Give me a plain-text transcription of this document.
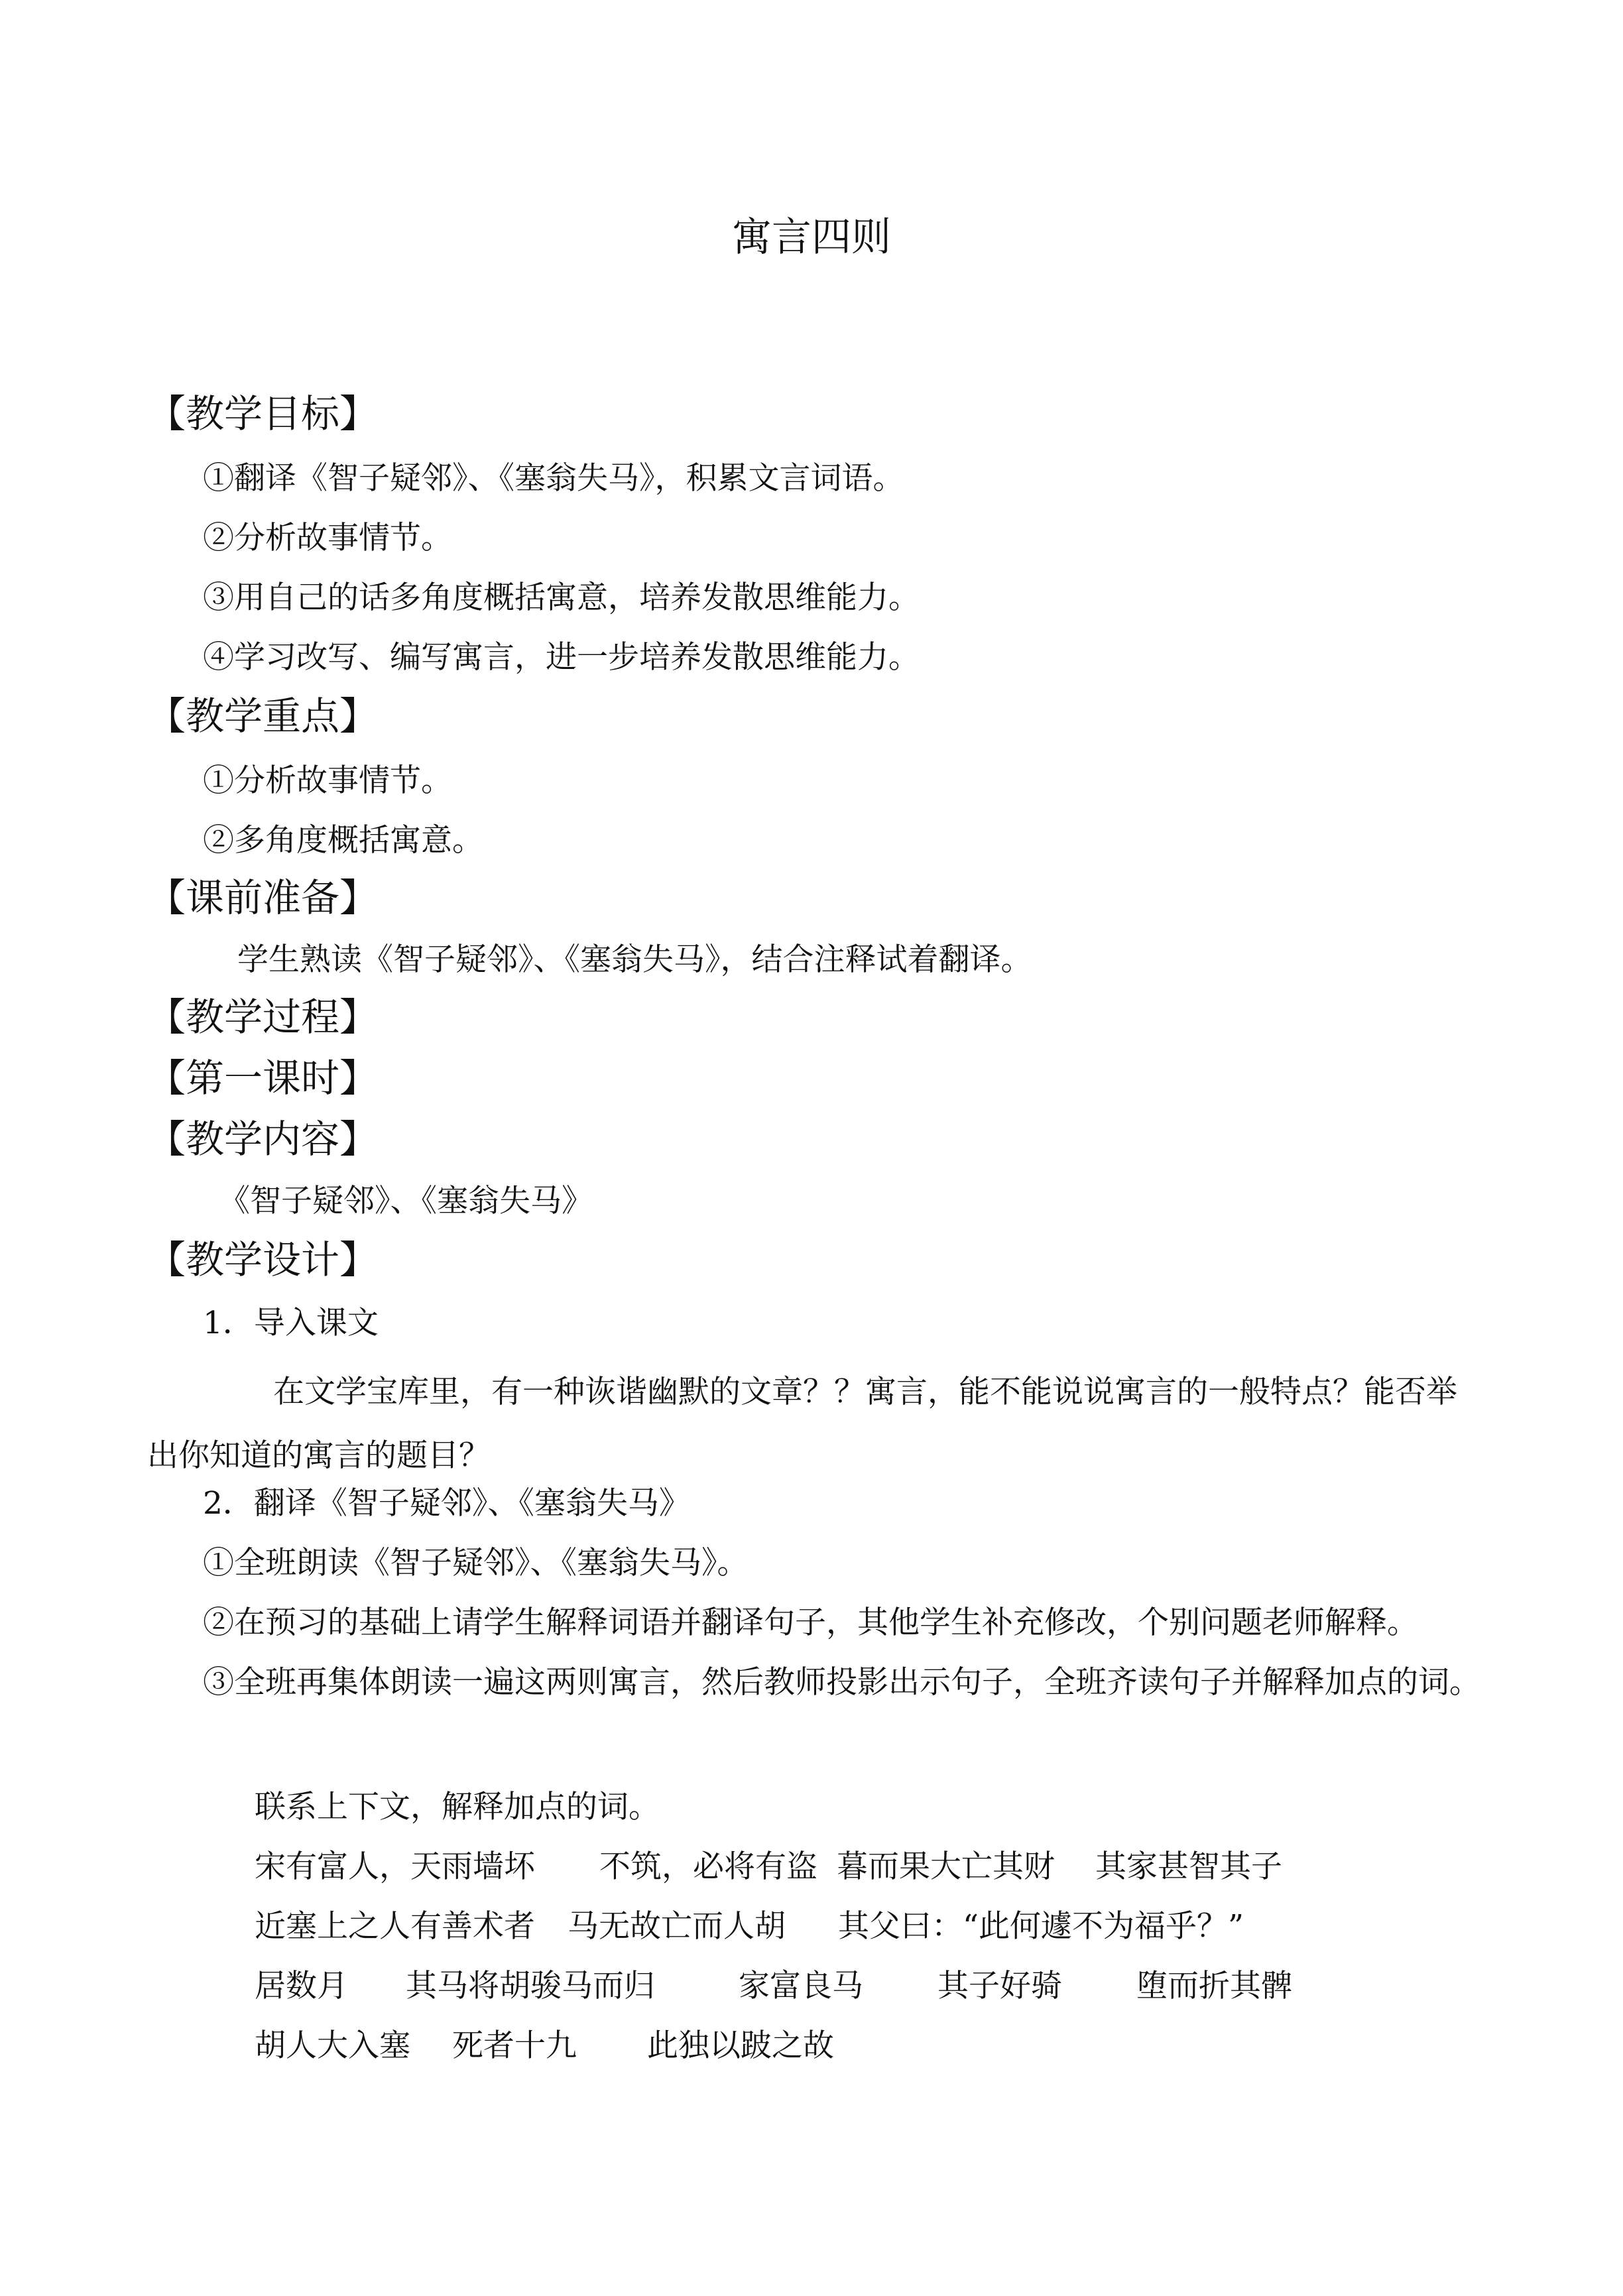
寓言四则
【教学目标】
①翻译《智子疑邻》、《塞翁失马》，积累文言词语。
②分析故事情节。
③用自己的话多角度概括寓意，培养发散思维能力。
④学习改写、编写寓言，进一步培养发散思维能力。
【教学重点】
①分析故事情节。
②多角度概括寓意。
【课前准备】
学生熟读《智子疑邻》、《塞翁失马》，结合注释试着翻译。
【教学过程】
【第一课时】
【教学内容】
《智子疑邻》、《塞翁失马》
【教学设计】
1．导入课文
在文学宝库里，有一种诙谐幽默的文章？？寓言，能不能说说寓言的一般特点？能否举出你知道的寓言的题目？
2．翻译《智子疑邻》、《塞翁失马》
①全班朗读《智子疑邻》、《塞翁失马》。
②在预习的基础上请学生解释词语并翻译句子，其他学生补充修改，个别问题老师解释。
③全班再集体朗读一遍这两则寓言，然后教师投影出示句子，全班齐读句子并解释加点的词。
联系上下文，解释加点的词。
宋有富人，天雨墙坏 不筑，必将有盗 暮而果大亡其财 其家甚智其子
近塞上之人有善术者 马无故亡而人胡 其父曰：“此何遽不为福乎？”
居数月 其马将胡骏马而归	家富良马 其子好骑 堕而折其髀
胡人大入塞 死者十九 此独以跛之故
